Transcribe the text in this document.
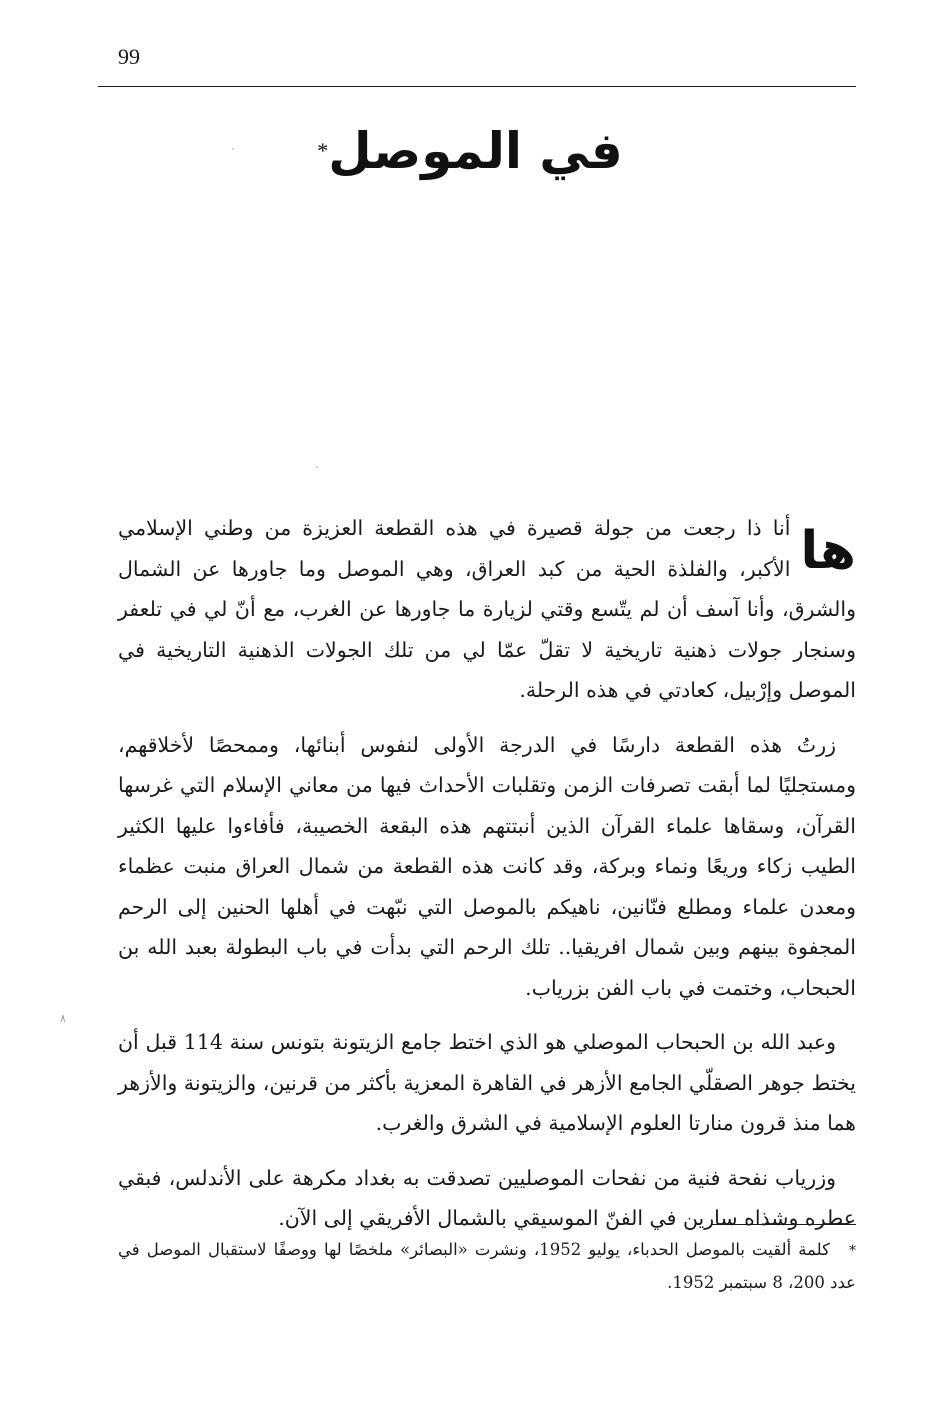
99
في الموصل*

ها
أنا ذا رجعت من جولة قصيرة في هذه القطعة العزيزة من وطني الإسلامي الأكبر، والفلذة الحية من كبد العراق، وهي الموصل وما جاورها عن الشمال والشرق، وأنا آسف أن لم يتّسع وقتي لزيارة ما جاورها عن الغرب، مع أنّ لي في تلعفر وسنجار جولات ذهنية تاريخية لا تقلّ عمّا لي من تلك الجولات الذهنية التاريخية في الموصل وإرْبيل، كعادتي في هذه الرحلة.

زرتُ هذه القطعة دارسًا في الدرجة الأولى لنفوس أبنائها، وممحصًا لأخلاقهم، ومستجليًا لما أبقت تصرفات الزمن وتقلبات الأحداث فيها من معاني الإسلام التي غرسها القرآن، وسقاها علماء القرآن الذين أنبتتهم هذه البقعة الخصيبة، فأفاءوا عليها الكثير الطيب زكاء وريعًا ونماء وبركة، وقد كانت هذه القطعة من شمال العراق منبت عظماء ومعدن علماء ومطلع فنّانين، ناهيكم بالموصل التي نبّهت في أهلها الحنين إلى الرحم المجفوة بينهم وبين شمال افريقيا.. تلك الرحم التي بدأت في باب البطولة بعبد الله بن الحبحاب، وختمت في باب الفن بزرياب.

وعبد الله بن الحبحاب الموصلي هو الذي اختط جامع الزيتونة بتونس سنة 114 قبل أن يختط جوهر الصقلّي الجامع الأزهر في القاهرة المعزية بأكثر من قرنين، والزيتونة والأزهر هما منذ قرون منارتا العلوم الإسلامية في الشرق والغرب.

وزرياب نفحة فنية من نفحات الموصليين تصدقت به بغداد مكرهة على الأندلس، فبقي عطره وشذاه سارين في الفنّ الموسيقي بالشمال الأفريقي إلى الآن.

٨
* كلمة ألقيت بالموصل الحدباء، يوليو 1952، ونشرت «البصائر» ملخصًا لها ووصفًا لاستقبال الموصل في عدد 200، 8 سبتمبر 1952.
